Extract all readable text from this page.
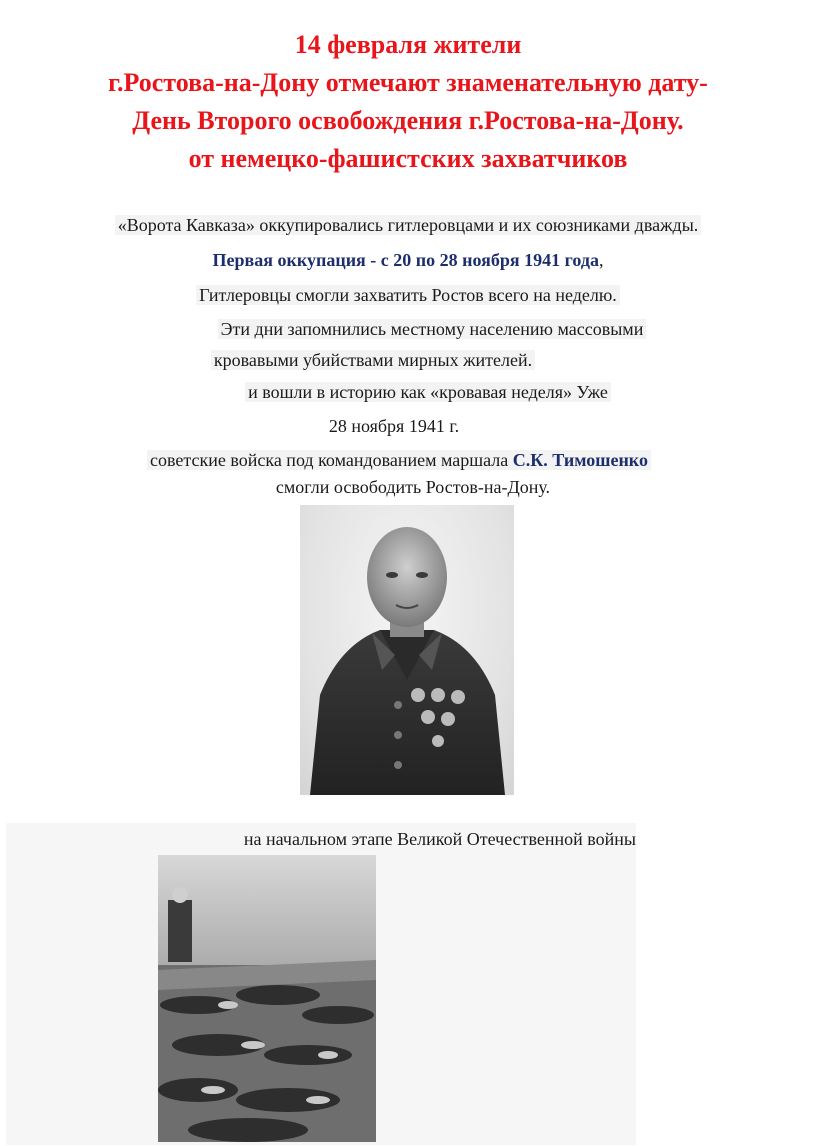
14 февраля жители
г.Ростова-на-Дону отмечают знаменательную дату-
День Второго освобождения г.Ростова-на-Дону.
от немецко-фашистских захватчиков
«Ворота Кавказа» оккупировались гитлеровцами и их союзниками дважды.
Первая оккупация - с 20 по 28 ноября 1941 года,
Гитлеровцы смогли захватить Ростов всего на неделю.
Эти дни запомнились местному населению массовыми
кровавыми убийствами мирных жителей.
и вошли в историю как «кровавая неделя» Уже
28 ноября 1941 г.
советские войска под командованием маршала С.К. Тимошенко
смогли освободить Ростов-на-Дону.
на начальном этапе Великой Отечественной войны
